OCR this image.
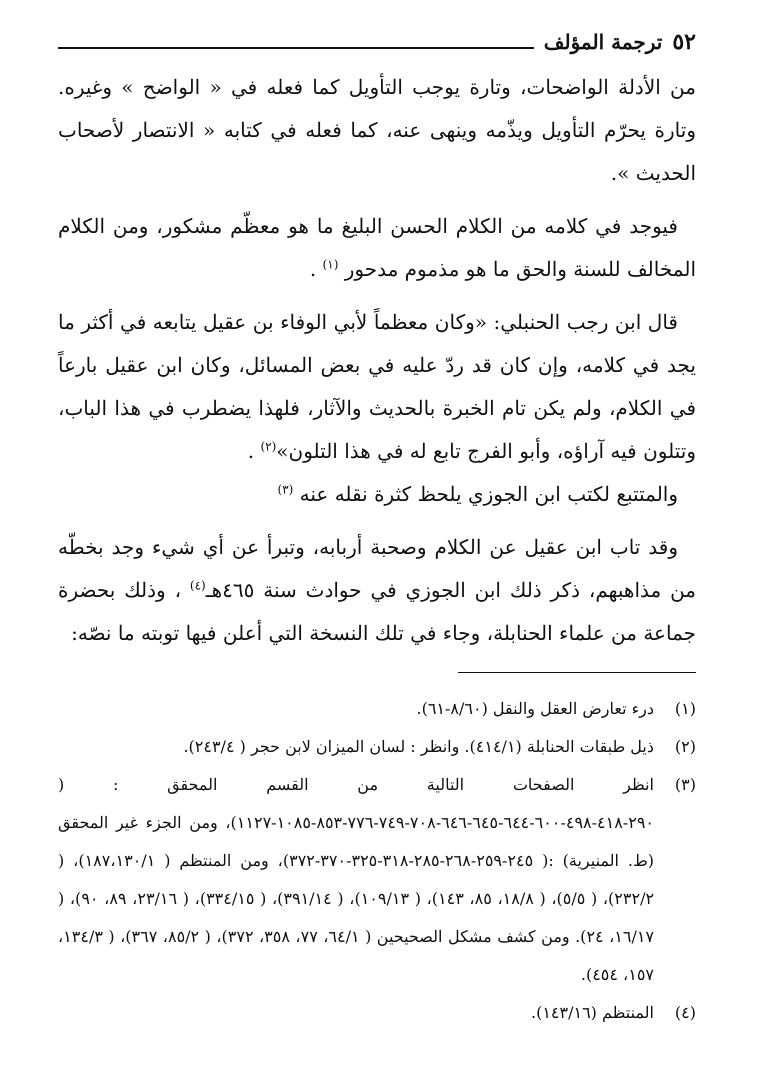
٥٢
ترجمة المؤلف

من الأدلة الواضحات، وتارة يوجب التأويل كما فعله في « الواضح » وغيره. وتارة يحرّم التأويل ويذّمه وينهى عنه، كما فعله في كتابه « الانتصار لأصحاب الحديث ».

فيوجد في كلامه من الكلام الحسن البليغ ما هو معظّم مشكور، ومن الكلام المخالف للسنة والحق ما هو مذموم مدحور $^{(١)}$ .

قال ابن رجب الحنبلي: «وكان معظماً لأبي الوفاء بن عقيل يتابعه في أكثر ما يجد في كلامه، وإن كان قد ردّ عليه في بعض المسائل، وكان ابن عقيل بارعاً في الكلام، ولم يكن تام الخبرة بالحديث والآثار، فلهذا يضطرب في هذا الباب، وتتلون فيه آراؤه، وأبو الفرج تابع له في هذا التلون»$^{(٢)}$ .

والمتتبع لكتب ابن الجوزي يلحظ كثرة نقله عنه $^{(٣)}$

وقد تاب ابن عقيل عن الكلام وصحبة أربابه، وتبرأ عن أي شيء وجد بخطّه من مذاهبهم، ذكر ذلك ابن الجوزي في حوادث سنة ٤٦٥هـ$^{(٤)}$ ، وذلك بحضرة جماعة من علماء الحنابلة، وجاء في تلك النسخة التي أعلن فيها توبته ما نصّه:

(١)
درء تعارض العقل والنقل (٨/٦٠-٦١).
(٢)
ذيل طبقات الحنابلة (٤١٤/١). وانظر : لسان الميزان لابن حجر ( ٢٤٣/٤).
(٣)
انظر الصفحات التالية من القسم المحقق : ( ٢٩٠-٤١٨-٤٩٨-٦٠٠-٦٤٤-٦٤٥-٦٤٦-٧٠٨-٧٤٩-٧٧٦-٨٥٣-١٠٨٥-١١٢٧)، ومن الجزء غير المحقق (ط. المنيرية) :( ٢٤٥-٢٥٩-٢٦٨-٢٨٥-٣١٨-٣٢٥-٣٧٠-٣٧٢)، ومن المنتظم ( ١٨٧،١٣٠/١)، ( ٢٣٢/٢)، ( ٥/٥)، ( ١٨/٨، ٨٥، ١٤٣)، ( ١٠٩/١٣)، ( ٣٩١/١٤)، ( ٣٣٤/١٥)، ( ٢٣/١٦، ٨٩، ٩٠)، ( ١٦/١٧، ٢٤). ومن كشف مشكل الصحيحين ( ٦٤/١، ٧٧، ٣٥٨، ٣٧٢)، ( ٨٥/٢، ٣٦٧)، ( ١٣٤/٣، ١٥٧، ٤٥٤).
(٤)
المنتظم (١٤٣/١٦).
